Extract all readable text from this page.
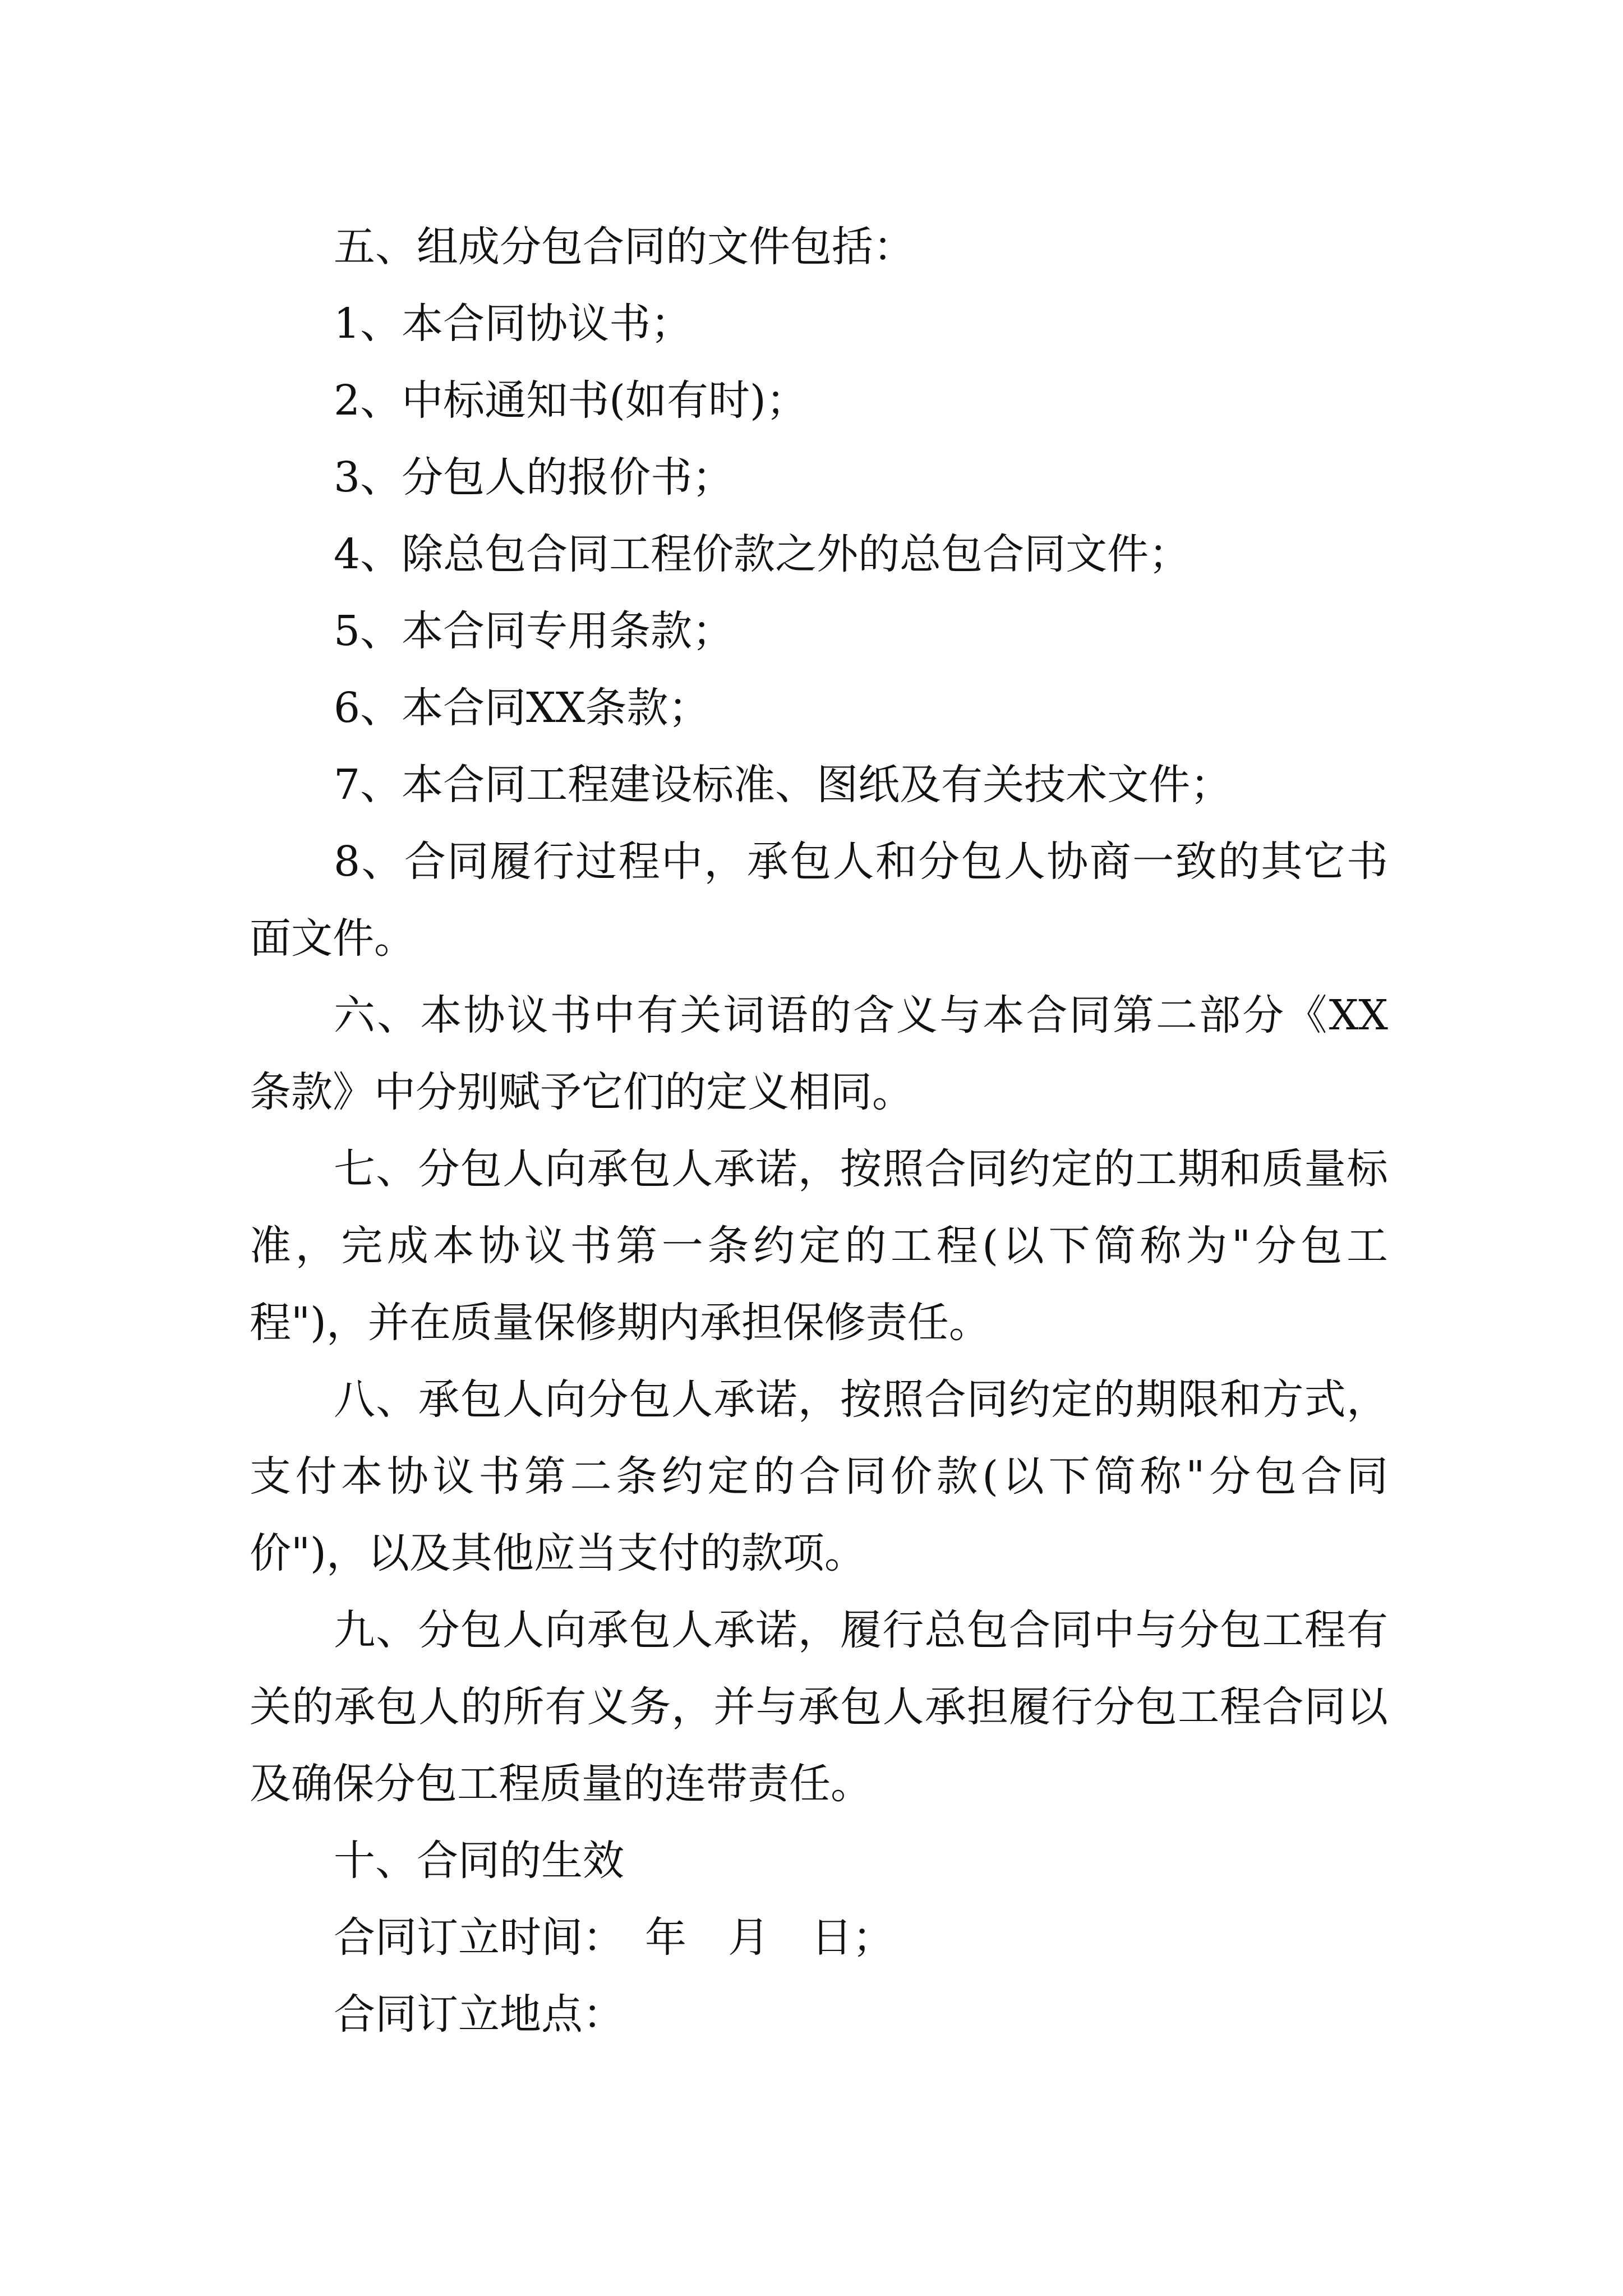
五、组成分包合同的文件包括：

1、本合同协议书；

2、中标通知书(如有时)；

3、分包人的报价书；

4、除总包合同工程价款之外的总包合同文件；

5、本合同专用条款；

6、本合同XX条款；

7、本合同工程建设标准、图纸及有关技术文件；

8、合同履行过程中，承包人和分包人协商一致的其它书面文件。

六、本协议书中有关词语的含义与本合同第二部分《XX条款》中分别赋予它们的定义相同。

七、分包人向承包人承诺，按照合同约定的工期和质量标准，完成本协议书第一条约定的工程(以下简称为"分包工程")，并在质量保修期内承担保修责任。

八、承包人向分包人承诺，按照合同约定的期限和方式，支付本协议书第二条约定的合同价款(以下简称"分包合同价")，以及其他应当支付的款项。

九、分包人向承包人承诺，履行总包合同中与分包工程有关的承包人的所有义务，并与承包人承担履行分包工程合同以及确保分包工程质量的连带责任。

十、合同的生效

合同订立时间：　年　月　日；

合同订立地点：
